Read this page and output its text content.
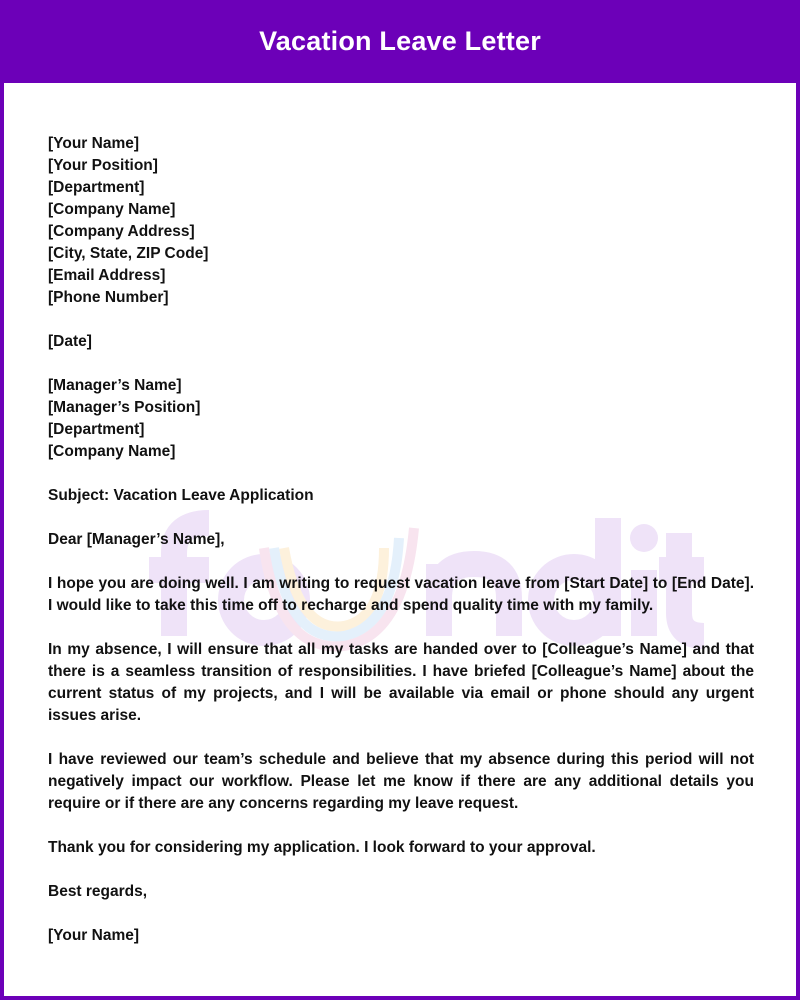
Vacation Leave Letter
[Your Name]
[Your Position]
[Department]
[Company Name]
[Company Address]
[City, State, ZIP Code]
[Email Address]
[Phone Number]
[Date]
[Manager’s Name]
[Manager’s Position]
[Department]
[Company Name]
Subject: Vacation Leave Application
Dear [Manager’s Name],
I hope you are doing well. I am writing to request vacation leave from [Start Date] to [End Date]. I would like to take this time off to recharge and spend quality time with my family.
In my absence, I will ensure that all my tasks are handed over to [Colleague’s Name] and that there is a seamless transition of responsibilities. I have briefed [Colleague’s Name] about the current status of my projects, and I will be available via email or phone should any urgent issues arise.
I have reviewed our team’s schedule and believe that my absence during this period will not negatively impact our workflow. Please let me know if there are any additional details you require or if there are any concerns regarding my leave request.
Thank you for considering my application. I look forward to your approval.
Best regards,
[Your Name]
